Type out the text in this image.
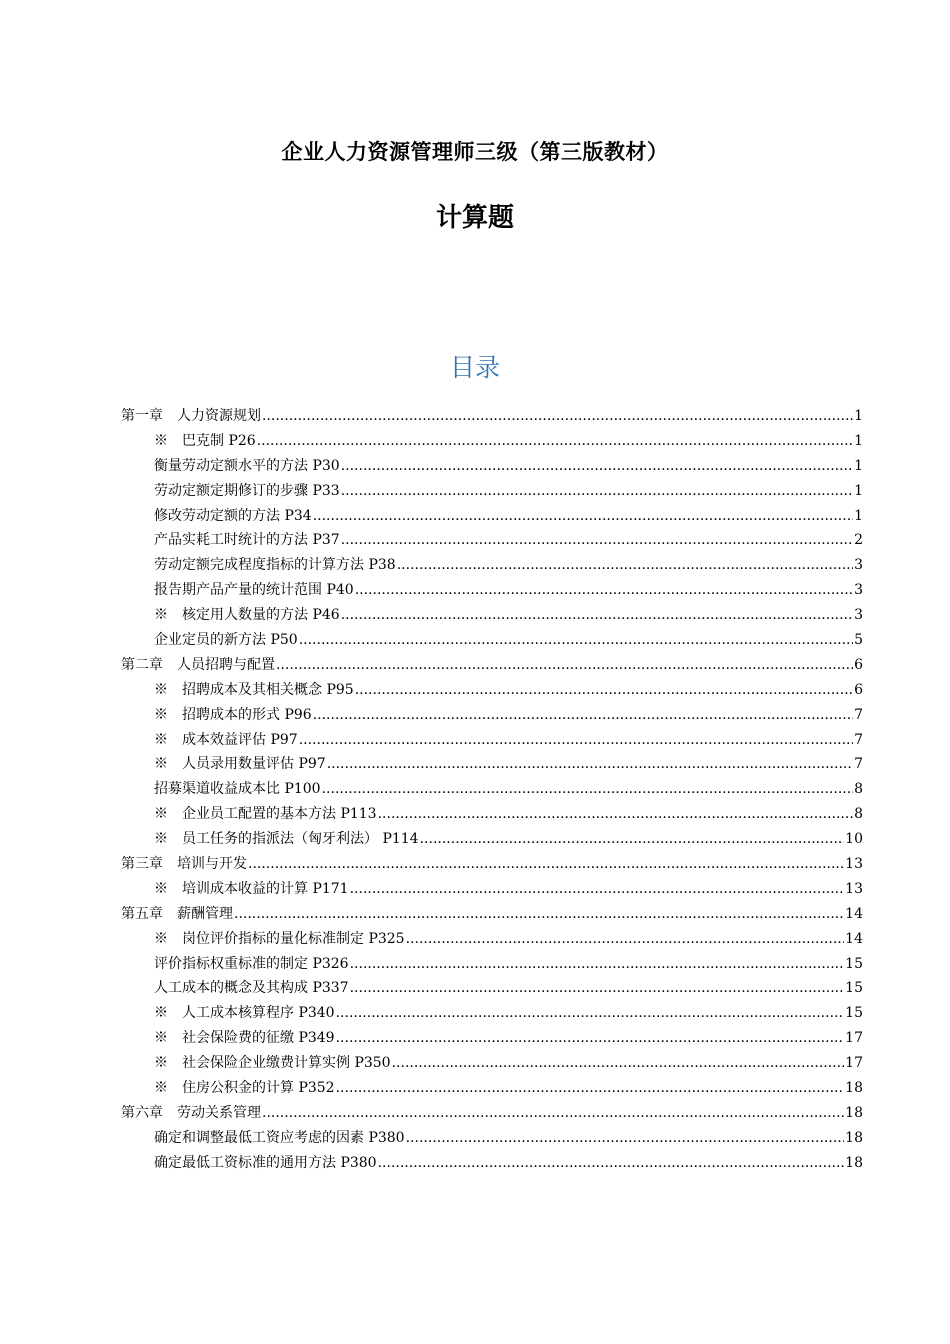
企业人力资源管理师三级（第三版教材）
计算题
目录
第一章　人力资源规划 .....	1
※　巴克制 P26 .....	1
衡量劳动定额水平的方法 P30 .....	1
劳动定额定期修订的步骤 P33 .....	1
修改劳动定额的方法 P34 .....	1
产品实耗工时统计的方法 P37 .....	2
劳动定额完成程度指标的计算方法 P38 .....	3
报告期产品产量的统计范围 P40 .....	3
※　核定用人数量的方法 P46 .....	3
企业定员的新方法 P50 .....	5
第二章　人员招聘与配置 .....	6
※　招聘成本及其相关概念 P95 .....	6
※　招聘成本的形式 P96 .....	7
※　成本效益评估 P97 .....	7
※　人员录用数量评估 P97 .....	7
招募渠道收益成本比 P100 .....	8
※　企业员工配置的基本方法 P113 .....	8
※　员工任务的指派法（匈牙利法） P114 .....	10
第三章　培训与开发 .....	13
※　培训成本收益的计算 P171 .....	13
第五章　薪酬管理 .....	14
※　岗位评价指标的量化标准制定 P325 .....	14
评价指标权重标准的制定 P326 .....	15
人工成本的概念及其构成 P337 .....	15
※　人工成本核算程序 P340 .....	15
※　社会保险费的征缴 P349 .....	17
※　社会保险企业缴费计算实例 P350 .....	17
※　住房公积金的计算 P352 .....	18
第六章　劳动关系管理 .....	18
确定和调整最低工资应考虑的因素 P380 .....	18
确定最低工资标准的通用方法 P380 .....	18
